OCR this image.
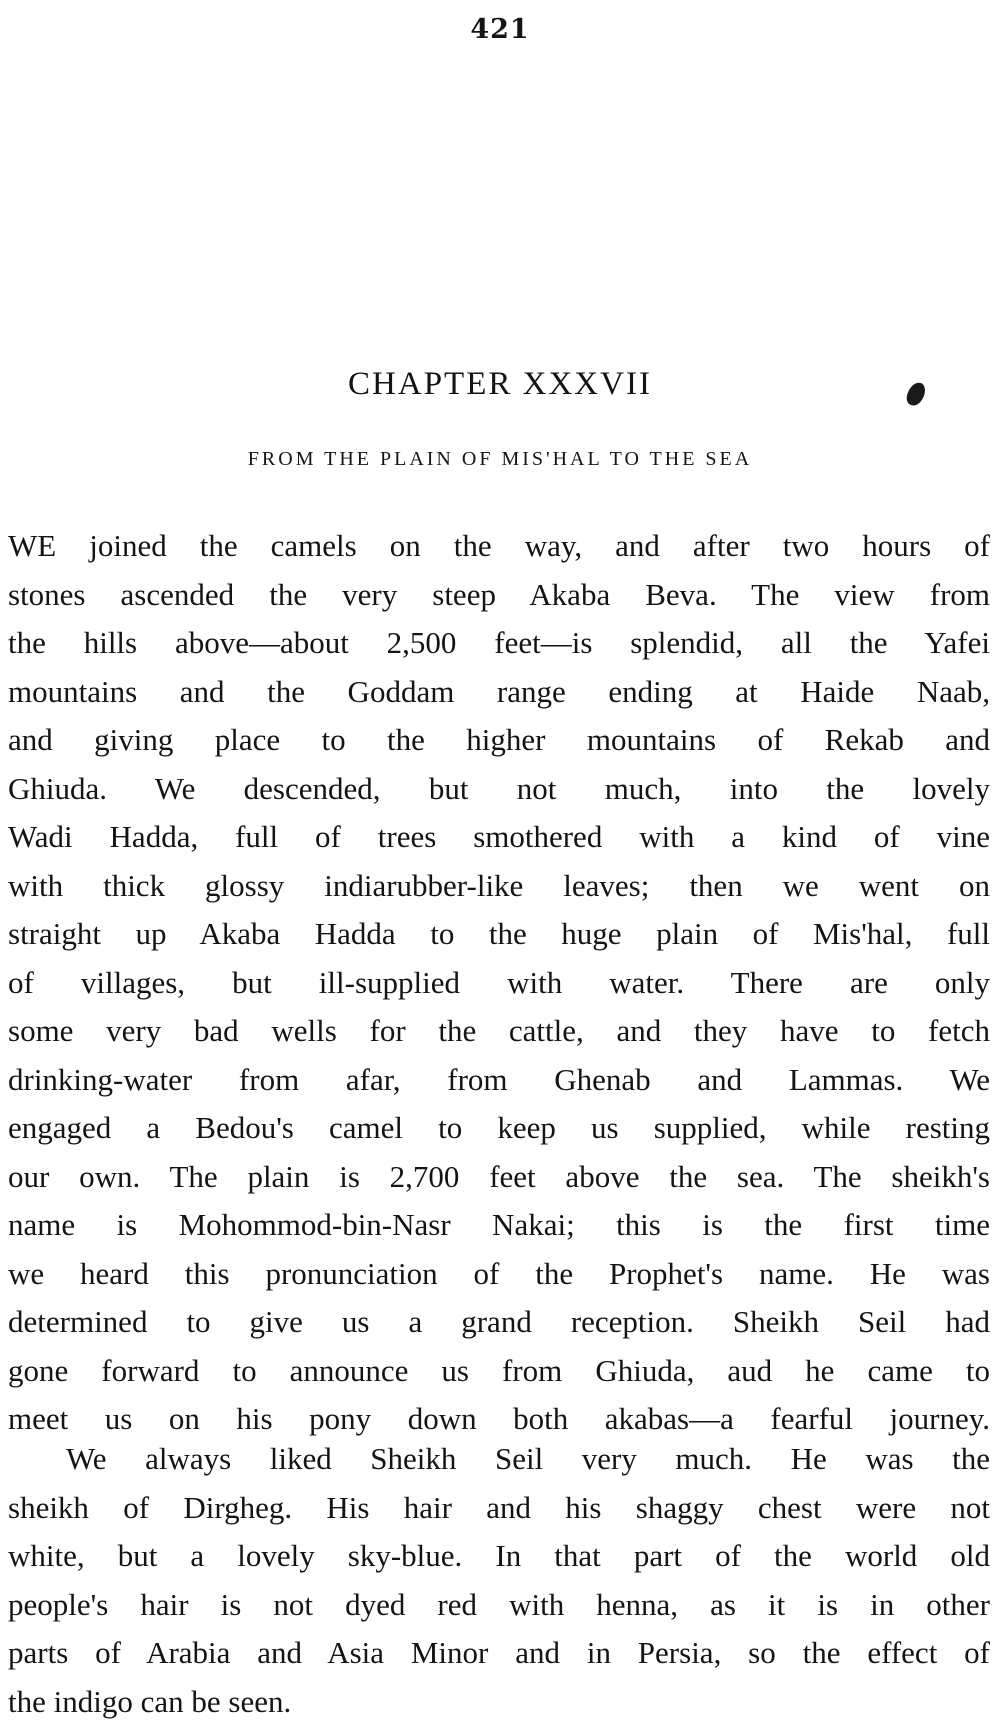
421
CHAPTER XXXVII
FROM THE PLAIN OF MIS'HAL TO THE SEA
WE joined the camels on the way, and after two hours of
stones ascended the very steep Akaba Beva. The view from
the hills above—about 2,500 feet—is splendid, all the Yafei
mountains and the Goddam range ending at Haide Naab,
and giving place to the higher mountains of Rekab and
Ghiuda. We descended, but not much, into the lovely
Wadi Hadda, full of trees smothered with a kind of vine
with thick glossy indiarubber-like leaves; then we went on
straight up Akaba Hadda to the huge plain of Mis'hal, full
of villages, but ill-supplied with water. There are only
some very bad wells for the cattle, and they have to fetch
drinking-water from afar, from Ghenab and Lammas. We
engaged a Bedou's camel to keep us supplied, while resting
our own. The plain is 2,700 feet above the sea. The sheikh's
name is Mohommod-bin-Nasr Nakai; this is the first time
we heard this pronunciation of the Prophet's name. He was
determined to give us a grand reception. Sheikh Seil had
gone forward to announce us from Ghiuda, aud he came to
meet us on his pony down both akabas—a fearful journey.
We always liked Sheikh Seil very much. He was the
sheikh of Dirgheg. His hair and his shaggy chest were not
white, but a lovely sky-blue. In that part of the world old
people's hair is not dyed red with henna, as it is in other
parts of Arabia and Asia Minor and in Persia, so the effect of
the indigo can be seen.
